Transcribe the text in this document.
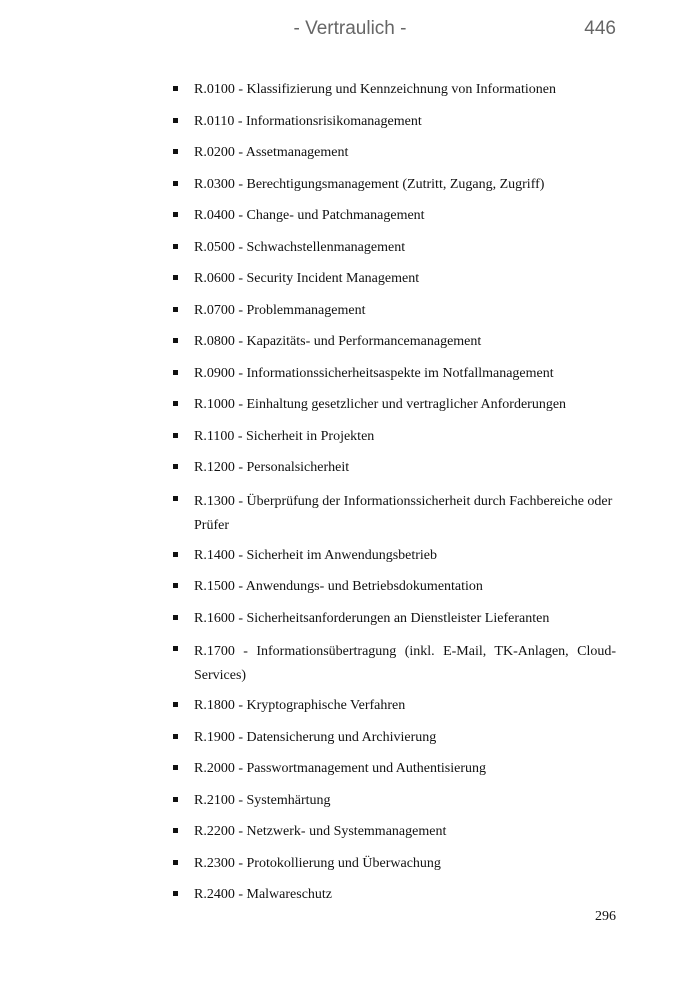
- Vertraulich -	446
R.0100 - Klassifizierung und Kennzeichnung von Informationen
R.0110 - Informationsrisikomanagement
R.0200 - Assetmanagement
R.0300 - Berechtigungsmanagement (Zutritt, Zugang, Zugriff)
R.0400 - Change- und Patchmanagement
R.0500 - Schwachstellenmanagement
R.0600 - Security Incident Management
R.0700 - Problemmanagement
R.0800 - Kapazitäts- und Performancemanagement
R.0900 - Informationssicherheitsaspekte im Notfallmanagement
R.1000 - Einhaltung gesetzlicher und vertraglicher Anforderungen
R.1100 - Sicherheit in Projekten
R.1200 - Personalsicherheit
R.1300 - Überprüfung der Informationssicherheit durch Fachbereiche oder Prüfer
R.1400 - Sicherheit im Anwendungsbetrieb
R.1500 - Anwendungs- und Betriebsdokumentation
R.1600 - Sicherheitsanforderungen an Dienstleister Lieferanten
R.1700 - Informationsübertragung (inkl. E-Mail, TK-Anlagen, Cloud-Services)
R.1800 - Kryptographische Verfahren
R.1900 - Datensicherung und Archivierung
R.2000 - Passwortmanagement und Authentisierung
R.2100 - Systemhärtung
R.2200 - Netzwerk- und Systemmanagement
R.2300 - Protokollierung und Überwachung
R.2400 - Malwareschutz
296
